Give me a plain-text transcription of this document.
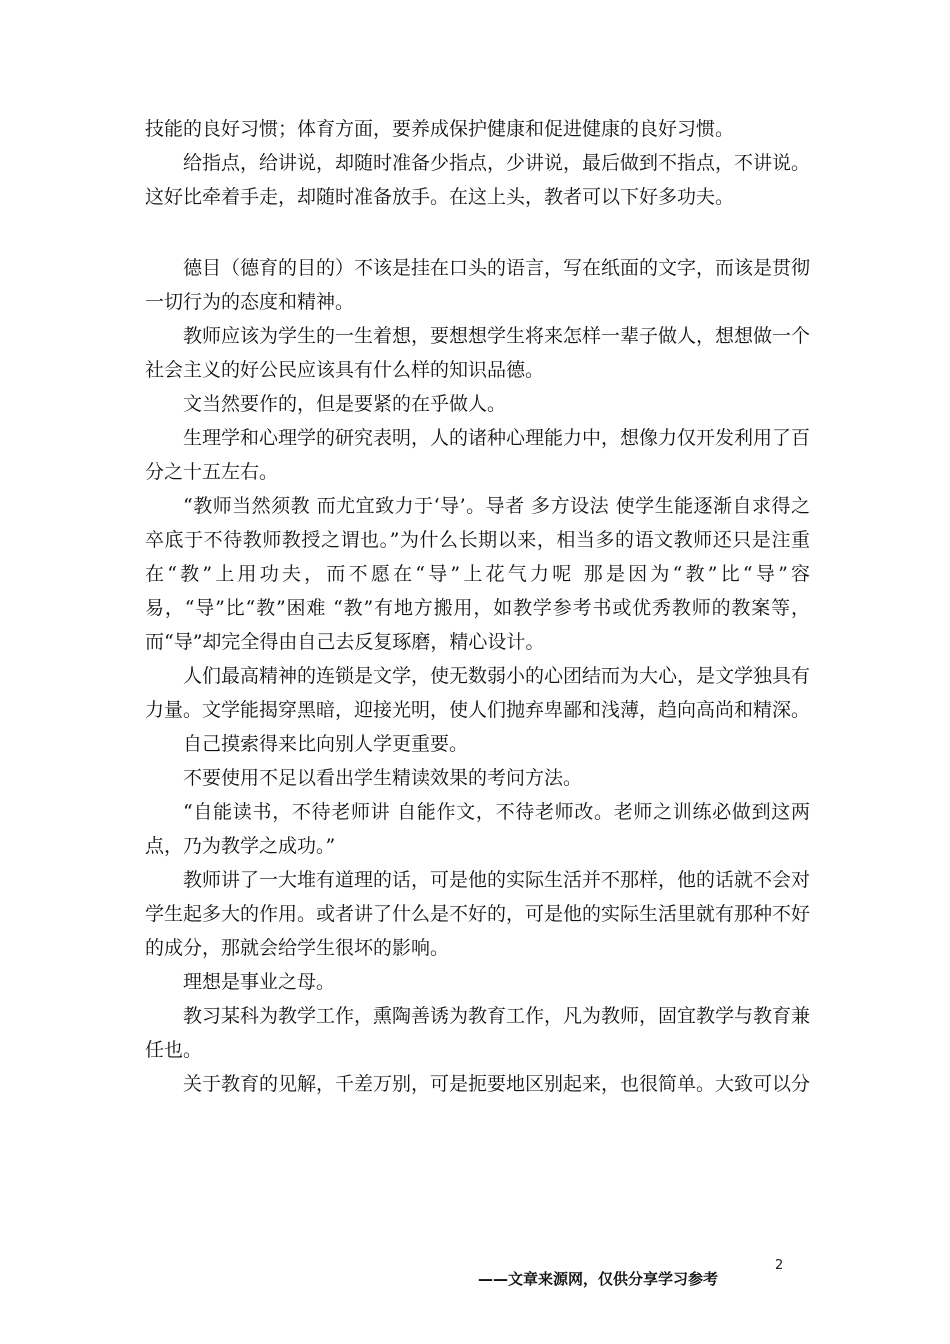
技能的良好习惯；体育方面，要养成保护健康和促进健康的良好习惯。

给指点，给讲说，却随时准备少指点，少讲说，最后做到不指点，不讲说。这好比牵着手走，却随时准备放手。在这上头，教者可以下好多功夫。

德目（德育的目的）不该是挂在口头的语言，写在纸面的文字，而该是贯彻一切行为的态度和精神。

教师应该为学生的一生着想，要想想学生将来怎样一辈子做人，想想做一个社会主义的好公民应该具有什么样的知识品德。

文当然要作的，但是要紧的在乎做人。

生理学和心理学的研究表明，人的诸种心理能力中，想像力仅开发利用了百分之十五左右。

“教师当然须教 而尤宜致力于‘导’。导者 多方设法 使学生能逐渐自求得之 卒底于不待教师教授之谓也。”为什么长期以来，相当多的语文教师还只是注重在“教”上用功夫，而不愿在“导”上花气力呢 那是因为“教”比“导”容易，“导”比“教”困难 “教”有地方搬用，如教学参考书或优秀教师的教案等，而“导”却完全得由自己去反复琢磨，精心设计。

人们最高精神的连锁是文学，使无数弱小的心团结而为大心，是文学独具有力量。文学能揭穿黑暗，迎接光明，使人们抛弃卑鄙和浅薄，趋向高尚和精深。

自己摸索得来比向别人学更重要。

不要使用不足以看出学生精读效果的考问方法。

“自能读书，不待老师讲 自能作文，不待老师改。老师之训练必做到这两点，乃为教学之成功。”

教师讲了一大堆有道理的话，可是他的实际生活并不那样，他的话就不会对学生起多大的作用。或者讲了什么是不好的，可是他的实际生活里就有那种不好的成分，那就会给学生很坏的影响。

理想是事业之母。

教习某科为教学工作，熏陶善诱为教育工作，凡为教师，固宜教学与教育兼任也。

关于教育的见解，千差万别，可是扼要地区别起来，也很简单。大致可以分

2
——文章来源网，仅供分享学习参考
